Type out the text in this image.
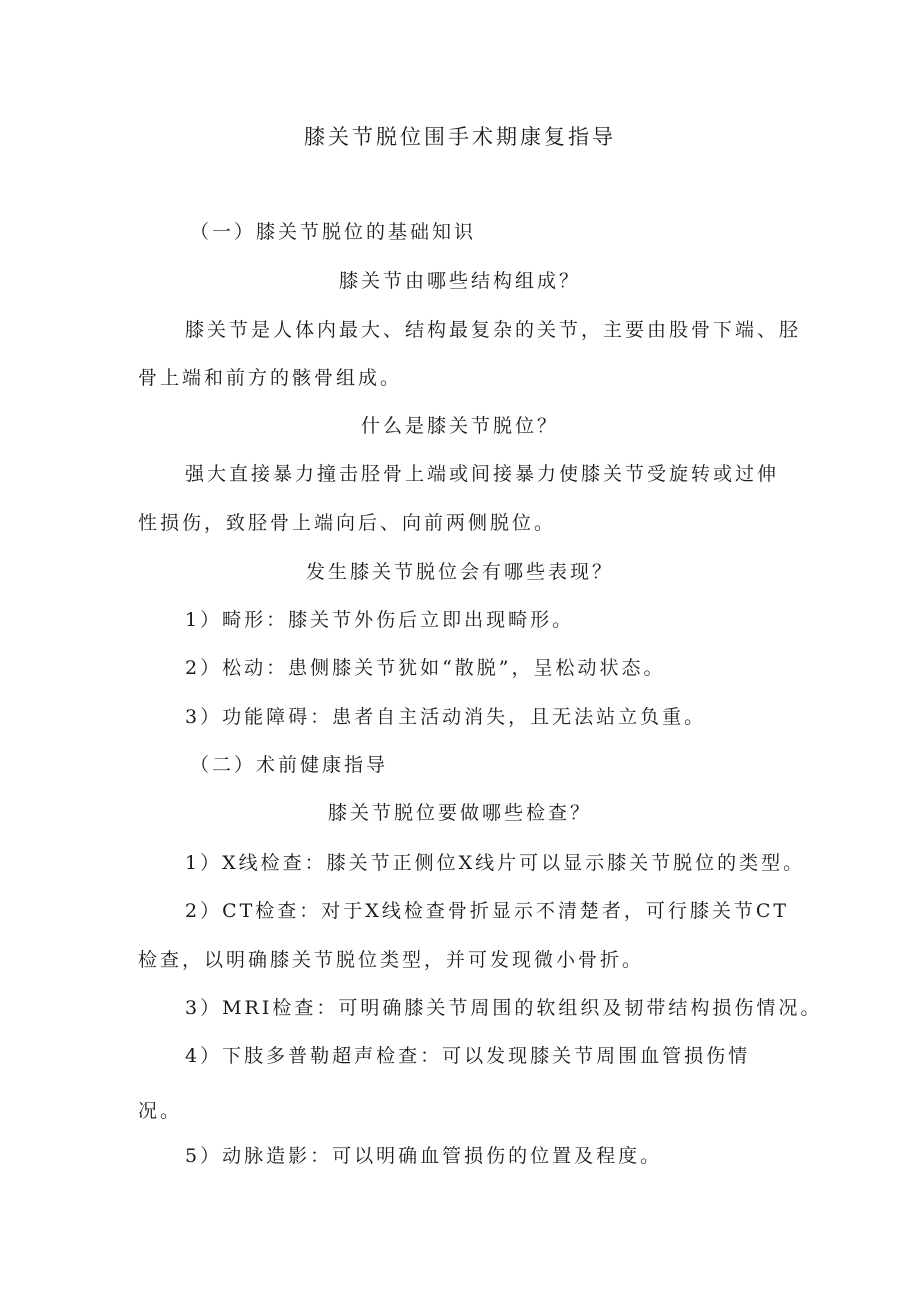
膝关节脱位围手术期康复指导
（一）膝关节脱位的基础知识
膝关节由哪些结构组成？
膝关节是人体内最大、结构最复杂的关节，主要由股骨下端、胫
骨上端和前方的骸骨组成。
什么是膝关节脱位？
强大直接暴力撞击胫骨上端或间接暴力使膝关节受旋转或过伸
性损伤，致胫骨上端向后、向前两侧脱位。
发生膝关节脱位会有哪些表现？
1）畸形：膝关节外伤后立即出现畸形。
2）松动：患侧膝关节犹如“散脱”，呈松动状态。
3）功能障碍：患者自主活动消失，且无法站立负重。
（二）术前健康指导
膝关节脱位要做哪些检查？
1）X线检查：膝关节正侧位X线片可以显示膝关节脱位的类型。
2）CT检查：对于X线检查骨折显示不清楚者，可行膝关节CT
检查，以明确膝关节脱位类型，并可发现微小骨折。
3）MRI检查：可明确膝关节周围的软组织及韧带结构损伤情况。
4）下肢多普勒超声检查：可以发现膝关节周围血管损伤情
况。
5）动脉造影：可以明确血管损伤的位置及程度。
